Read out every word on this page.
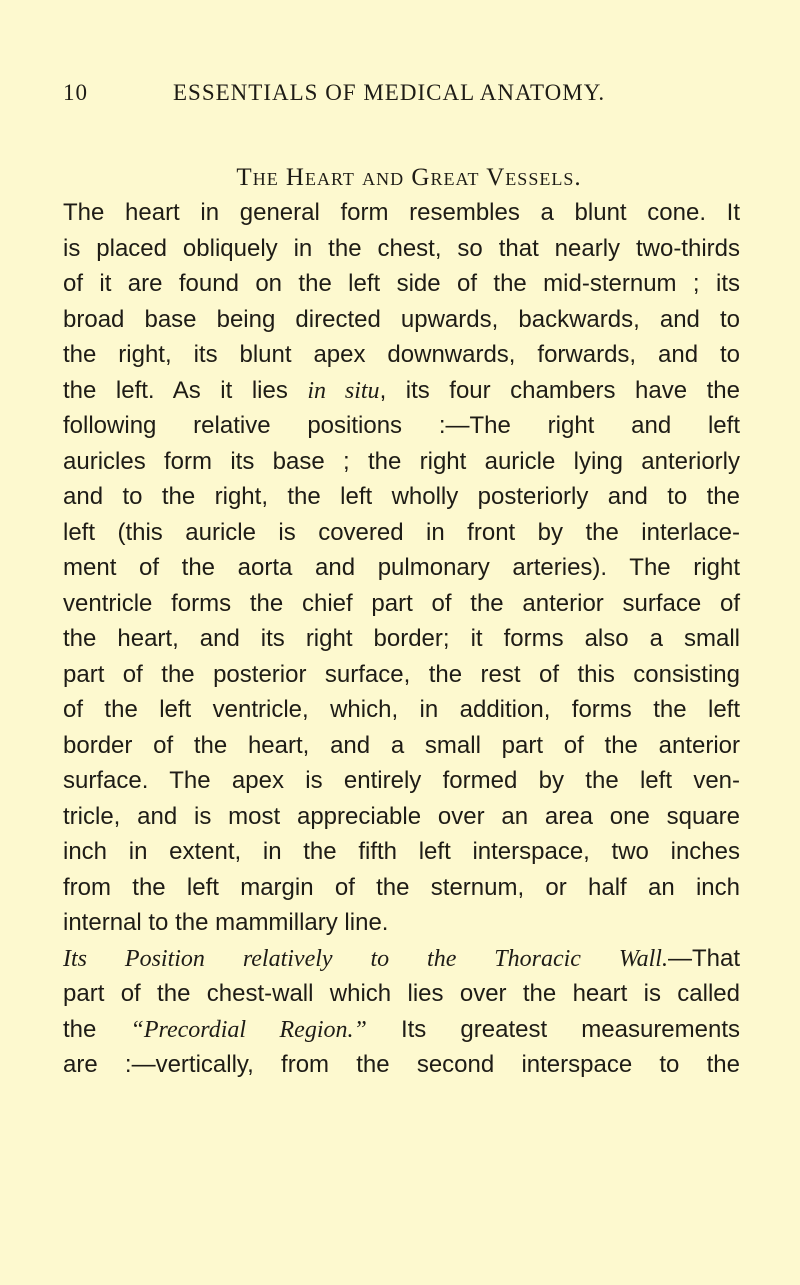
10	ESSENTIALS OF MEDICAL ANATOMY.
The Heart and Great Vessels.
The heart in general form resembles a blunt cone. It
is placed obliquely in the chest, so that nearly two-thirds
of it are found on the left side of the mid-sternum ; its
broad base being directed upwards, backwards, and to
the right, its blunt apex downwards, forwards, and to
the left. As it lies in situ, its four chambers have the
following relative positions :—The right and left
auricles form its base ; the right auricle lying anteriorly
and to the right, the left wholly posteriorly and to the
left (this auricle is covered in front by the interlace-
ment of the aorta and pulmonary arteries). The right
ventricle forms the chief part of the anterior surface of
the heart, and its right border; it forms also a small
part of the posterior surface, the rest of this consisting
of the left ventricle, which, in addition, forms the left
border of the heart, and a small part of the anterior
surface. The apex is entirely formed by the left ven-
tricle, and is most appreciable over an area one square
inch in extent, in the fifth left interspace, two inches
from the left margin of the sternum, or half an inch
internal to the mammillary line.
Its Position relatively to the Thoracic Wall.—That
part of the chest-wall which lies over the heart is called
the “Precordial Region.” Its greatest measurements
are :—vertically, from the second interspace to the
